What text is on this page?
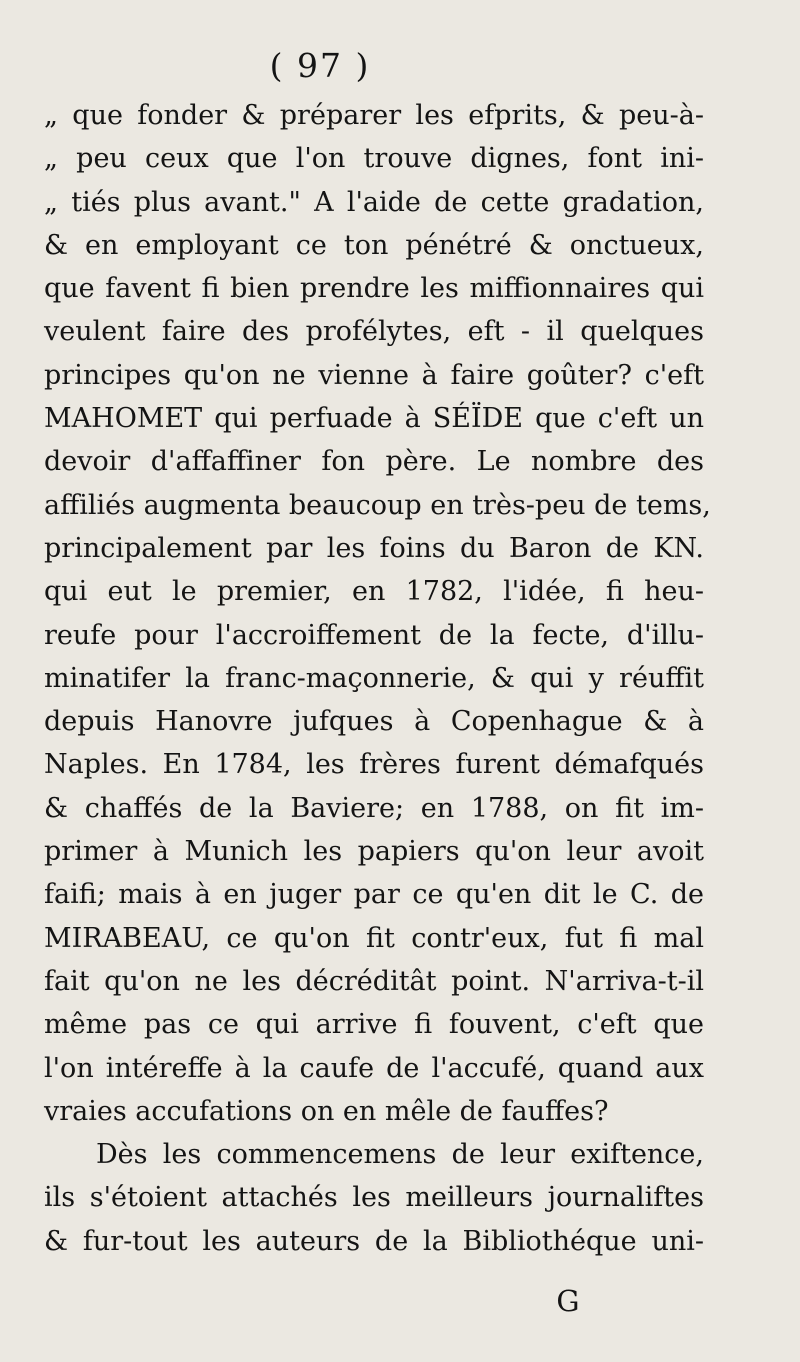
( 97 )
„ que fonder & préparer les efprits, & peu-à-
„ peu ceux que l'on trouve dignes, font ini-
„ tiés plus avant." A l'aide de cette gradation,
& en employant ce ton pénétré & onctueux,
que favent fi bien prendre les miffionnaires qui
veulent faire des profélytes, eft - il quelques
principes qu'on ne vienne à faire goûter? c'eft
MAHOMET qui perfuade à SÉÏDE que c'eft un
devoir d'affaffiner fon père. Le nombre des
affiliés augmenta beaucoup en très-peu de tems,
principalement par les foins du Baron de KN.
qui eut le premier, en 1782, l'idée, fi heu-
reufe pour l'accroiffement de la fecte, d'illu-
minatifer la franc-maçonnerie, & qui y réuffit
depuis Hanovre jufques à Copenhague & à
Naples. En 1784, les frères furent démafqués
& chaffés de la Baviere; en 1788, on fit im-
primer à Munich les papiers qu'on leur avoit
faifi; mais à en juger par ce qu'en dit le C. de
MIRABEAU, ce qu'on fit contr'eux, fut fi mal
fait qu'on ne les décréditât point. N'arriva-t-il
même pas ce qui arrive fi fouvent, c'eft que
l'on intéreffe à la caufe de l'accufé, quand aux
vraies accufations on en mêle de fauffes?
Dès les commencemens de leur exiftence,
ils s'étoient attachés les meilleurs journaliftes
& fur-tout les auteurs de la Bibliothéque uni-
G
